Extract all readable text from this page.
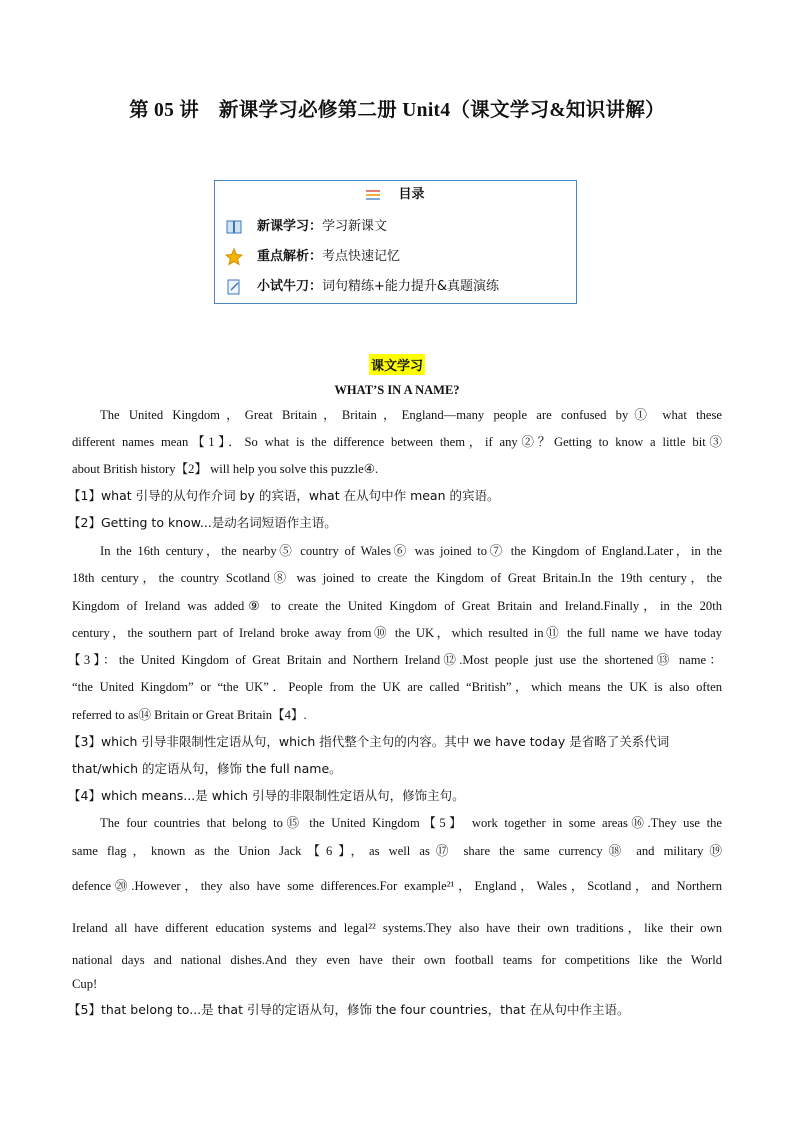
第 05 讲　新课学习必修第二册 Unit4（课文学习&知识讲解）
目录
新课学习：学习新课文
重点解析：考点快速记忆
小试牛刀：词句精练+能力提升&真题演练
课文学习
WHAT’S IN A NAME?
The United Kingdom，Great Britain，Britain，England—many people are confused by① what these
different names mean【1】．So what is the difference between them，if any②？Getting to know a little bit③
about British history【2】 will help you solve this puzzle④.
【1】what 引导的从句作介词 by 的宾语，what 在从句中作 mean 的宾语。
【2】Getting to know...是动名词短语作主语。
In the 16th century，the nearby⑤ country of Wales⑥ was joined to⑦ the Kingdom of England.Later，in the
18th century，the country Scotland⑧ was joined to create the Kingdom of Great Britain.In the 19th century，the
Kingdom of Ireland was added⑨ to create the United Kingdom of Great Britain and Ireland.Finally，in the 20th
century，the southern part of Ireland broke away from⑩ the UK，which resulted in⑪ the full name we have today
【3】：the United Kingdom of Great Britain and Northern Ireland⑫.Most people just use the shortened⑬ name：
“the United Kingdom” or “the UK”．People from the UK are called “British”，which means the UK is also often
referred to as⑭ Britain or Great Britain【4】.
【3】which 引导非限制性定语从句，which 指代整个主句的内容。其中 we have today 是省略了关系代词
that/which 的定语从句，修饰 the full name。
【4】which means...是 which 引导的非限制性定语从句，修饰主句。
The four countries that belong to⑮ the United Kingdom【5】 work together in some areas⑯.They use the
same flag，known as the Union Jack【6】，as well as⑰ share the same currency⑱ and military⑲
defence⑳.However，they also have some differences.For example²¹，England，Wales，Scotland，and Northern
Ireland all have different education systems and legal²² systems.They also have their own traditions，like their own
national days and national dishes.And they even have their own football teams for competitions like the World
Cup!
【5】that belong to...是 that 引导的定语从句，修饰 the four countries，that 在从句中作主语。
